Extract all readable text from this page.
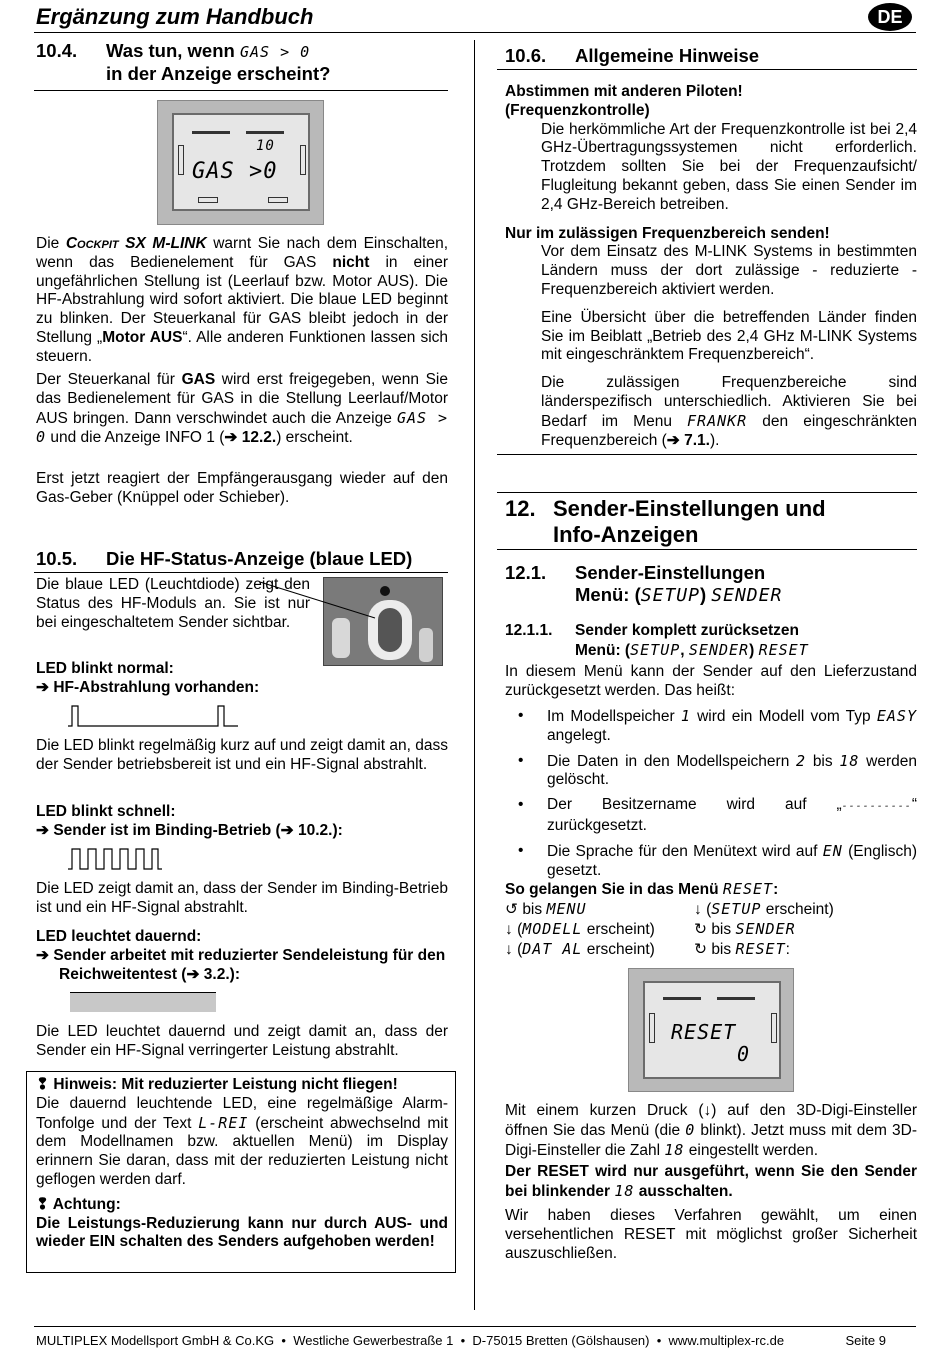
Ergänzung zum Handbuch	DE
10.4. Was tun, wenn GAS > 0
in der Anzeige erscheint?
10
GAS >0
Die Cockpit SX M-LINK warnt Sie nach dem Einschalten, wenn das Bedienelement für GAS nicht in einer ungefährlichen Stellung ist (Leerlauf bzw. Motor AUS). Die HF-Abstrahlung wird sofort aktiviert. Die blaue LED beginnt zu blinken. Der Steuerkanal für GAS bleibt jedoch in der Stellung „Motor AUS“. Alle anderen Funktionen lassen sich steuern.
Der Steuerkanal für GAS wird erst freigegeben, wenn Sie das Bedienelement für GAS in die Stellung Leerlauf/Motor AUS bringen. Dann verschwindet auch die Anzeige GAS > 0 und die Anzeige INFO 1 (➔ 12.2.) erscheint.
Erst jetzt reagiert der Empfängerausgang wieder auf den Gas-Geber (Knüppel oder Schieber).
10.5. Die HF-Status-Anzeige (blaue LED)
Die blaue LED (Leuchtdiode) zeigt den Status des HF-Moduls an. Sie ist nur bei eingeschaltetem Sender sichtbar.
LED blinkt normal:
➔ HF-Abstrahlung vorhanden:
Die LED blinkt regelmäßig kurz auf und zeigt damit an, dass der Sender betriebsbereit ist und ein HF-Signal abstrahlt.
LED blinkt schnell:
➔ Sender ist im Binding-Betrieb (➔ 10.2.):
Die LED zeigt damit an, dass der Sender im Binding-Betrieb ist und ein HF-Signal abstrahlt.
LED leuchtet dauernd:
➔ Sender arbeitet mit reduzierter Sendeleistung für den Reichweitentest (➔ 3.2.):
Die LED leuchtet dauernd und zeigt damit an, dass der Sender ein HF-Signal verringerter Leistung abstrahlt.
❢ Hinweis: Mit reduzierter Leistung nicht fliegen!
Die dauernd leuchtende LED, eine regelmäßige Alarm-Tonfolge und der Text L-REI (erscheint abwechselnd mit dem Modellnamen bzw. aktuellen Menü) im Display erinnern Sie daran, dass mit der reduzierten Leistung nicht geflogen werden darf.
❢ Achtung:
Die Leistungs-Reduzierung kann nur durch AUS- und wieder EIN schalten des Senders aufgehoben werden!
10.6. Allgemeine Hinweise
Abstimmen mit anderen Piloten!
(Frequenzkontrolle)
Die herkömmliche Art der Frequenzkontrolle ist bei 2,4 GHz-Übertragungssystemen nicht erforderlich. Trotzdem sollten Sie bei der Frequenzaufsicht/ Flugleitung bekannt geben, dass Sie einen Sender im 2,4 GHz-Bereich betreiben.
Nur im zulässigen Frequenzbereich senden!
Vor dem Einsatz des M-LINK Systems in bestimmten Ländern muss der dort zulässige - reduzierte - Frequenzbereich aktiviert werden.
Eine Übersicht über die betreffenden Länder finden Sie im Beiblatt „Betrieb des 2,4 GHz M-LINK Systems mit eingeschränktem Frequenzbereich“.
Die zulässigen Frequenzbereiche sind länderspezifisch unterschiedlich. Aktivieren Sie bei Bedarf im Menu FRANKR den eingeschränkten Frequenzbereich (➔ 7.1.).
12. Sender-Einstellungen und
Info-Anzeigen
12.1. Sender-Einstellungen
Menü: (SETUP) SENDER
12.1.1. Sender komplett zurücksetzen
Menü: (SETUP, SENDER) RESET
In diesem Menü kann der Sender auf den Lieferzustand zurückgesetzt werden. Das heißt:
• Im Modellspeicher 1 wird ein Modell vom Typ EASY angelegt.
• Die Daten in den Modellspeichern 2 bis 18 werden gelöscht.
• Der Besitzername wird auf „----------“ zurückgesetzt.
• Die Sprache für den Menütext wird auf EN (Englisch) gesetzt.
So gelangen Sie in das Menü RESET:
↺ bis MENU
↓ (MODELL erscheint)
↓ (DAT AL erscheint)
↓ (SETUP erscheint)
↻ bis SENDER
↻ bis RESET:
RESET
0
Mit einem kurzen Druck (↓) auf den 3D-Digi-Einsteller öffnen Sie das Menü (die 0 blinkt). Jetzt muss mit dem 3D-Digi-Einsteller die Zahl 18 eingestellt werden.
Der RESET wird nur ausgeführt, wenn Sie den Sender bei blinkender 18 ausschalten.
Wir haben dieses Verfahren gewählt, um einen versehentlichen RESET mit möglichst großer Sicherheit auszuschließen.
MULTIPLEX Modellsport GmbH & Co.KG • Westliche Gewerbestraße 1 • D-75015 Bretten (Gölshausen) • www.multiplex-rc.de	Seite 9
